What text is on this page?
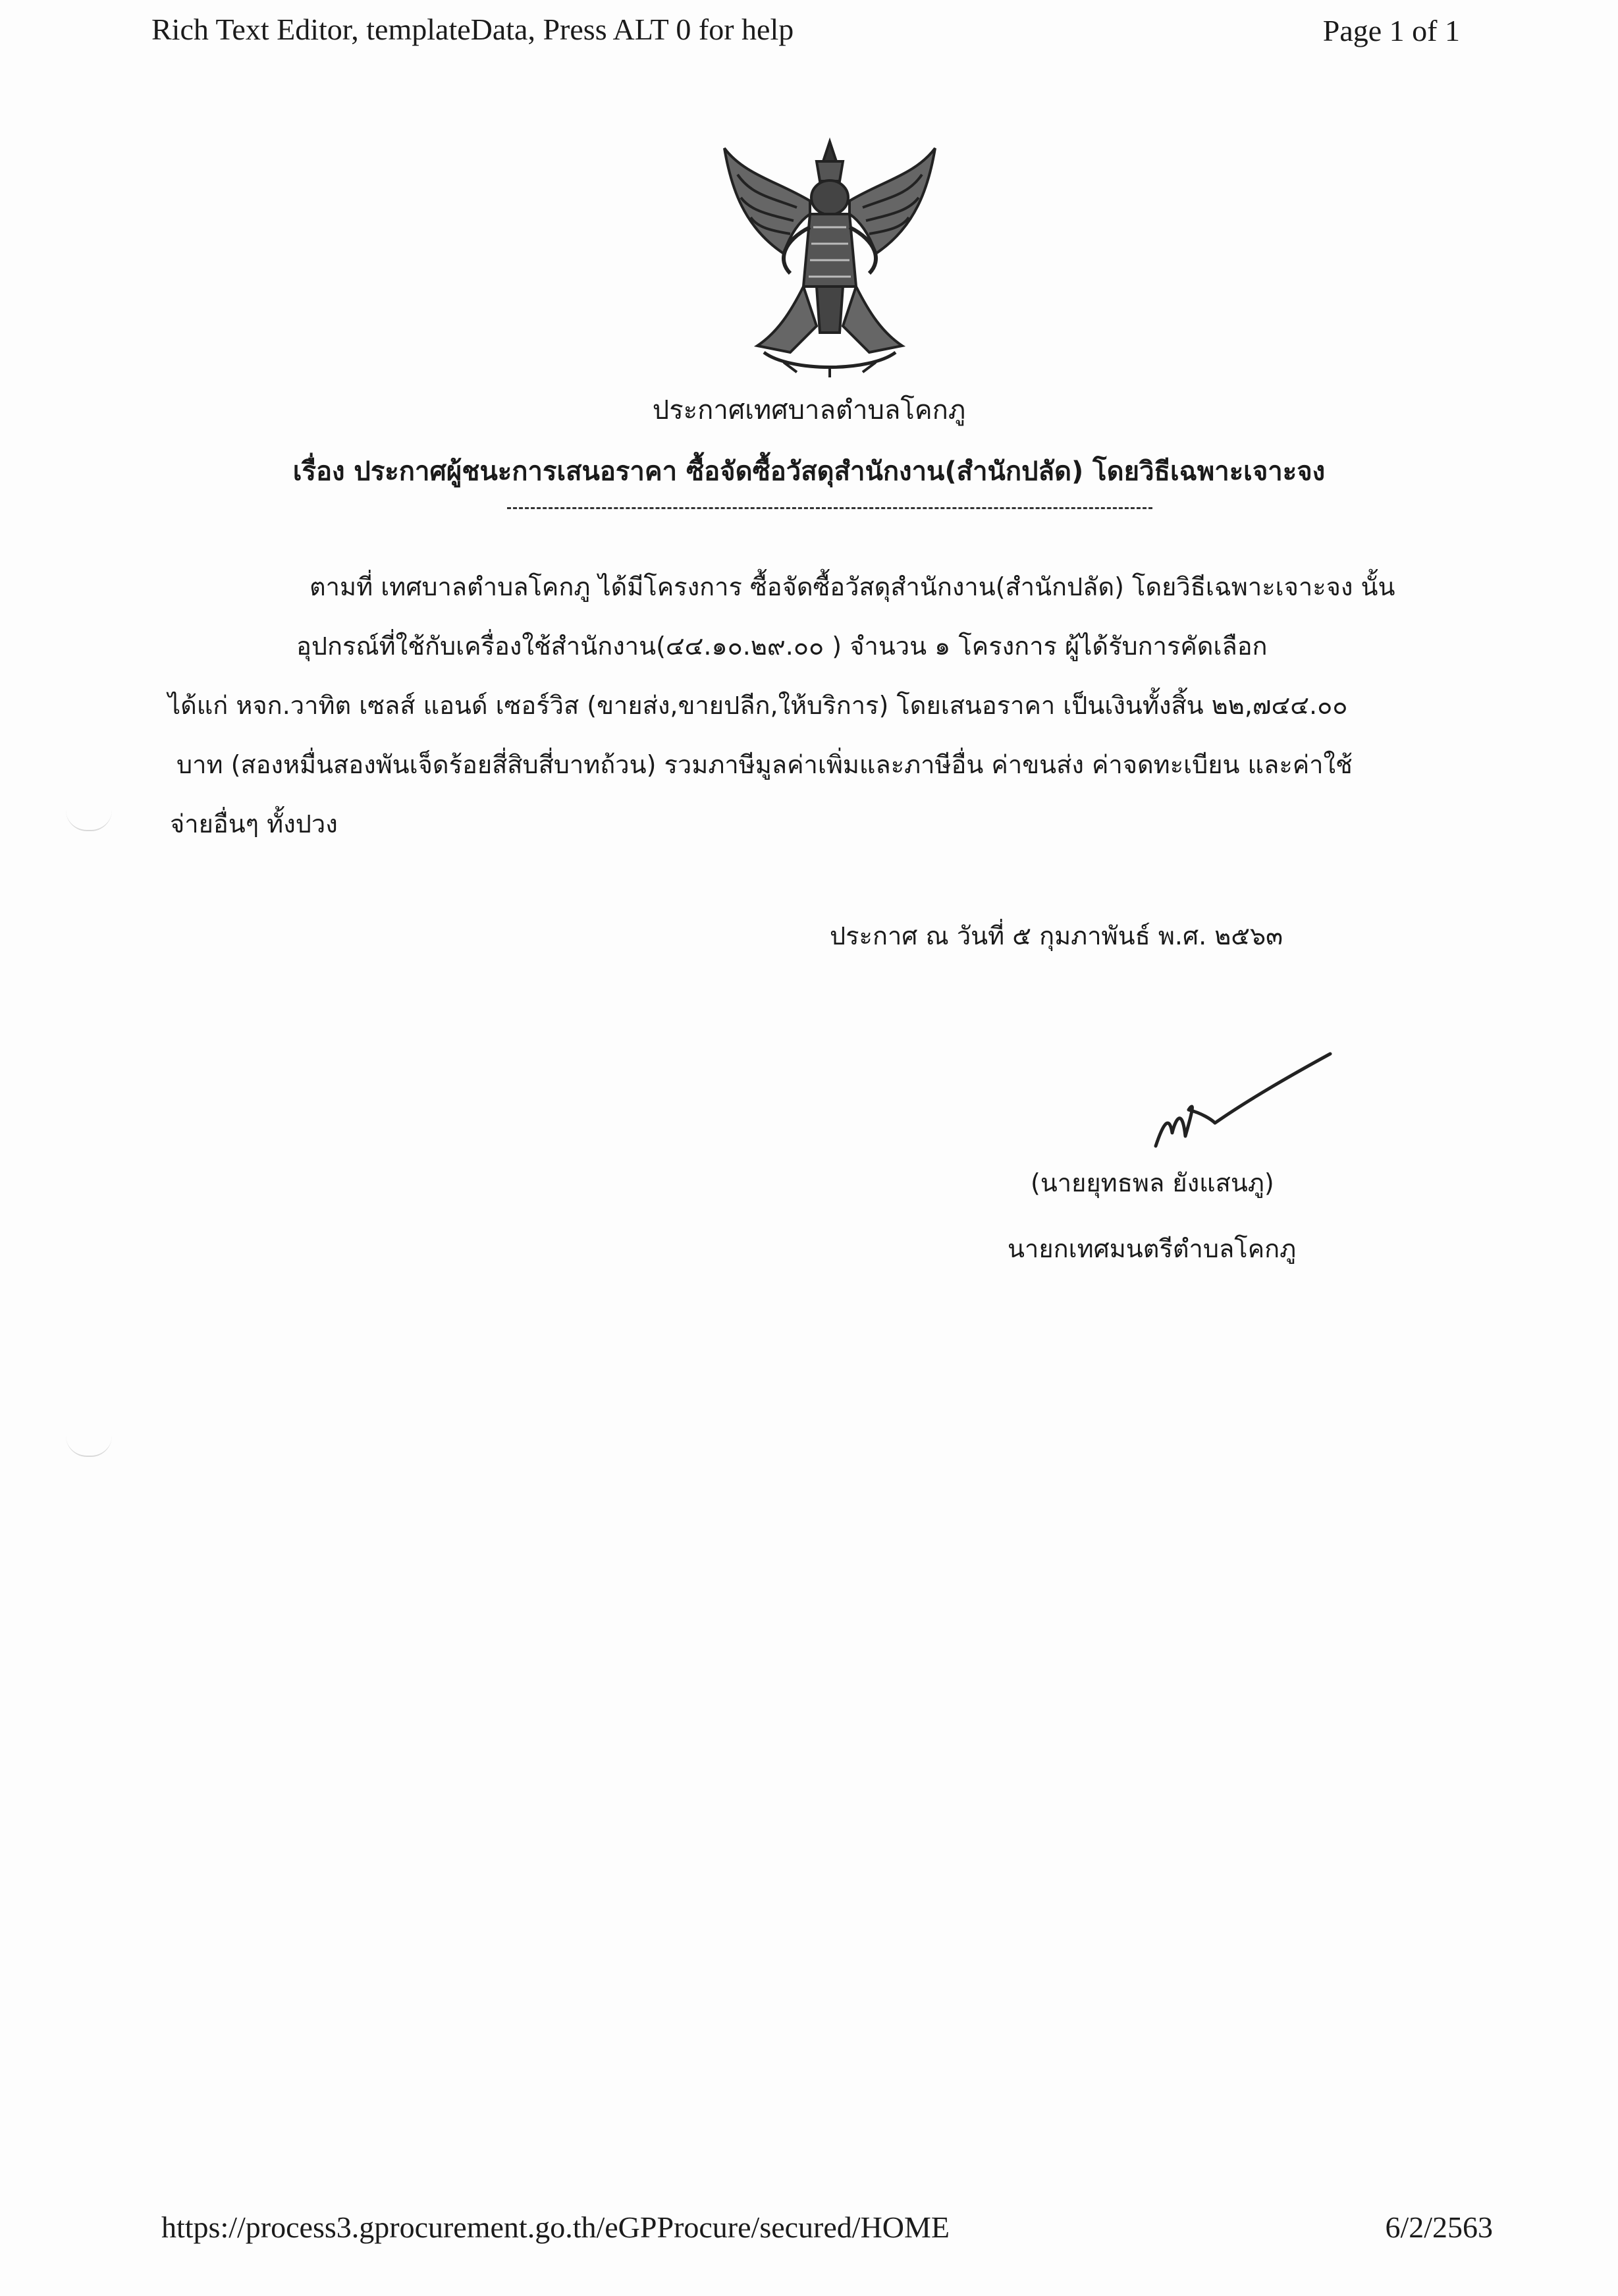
Rich Text Editor, templateData, Press ALT 0 for help	Page 1 of 1
ประกาศเทศบาลตำบลโคกภู
เรื่อง ประกาศผู้ชนะการเสนอราคา ซื้อจัดซื้อวัสดุสำนักงาน(สำนักปลัด) โดยวิธีเฉพาะเจาะจง
ตามที่ เทศบาลตำบลโคกภู ได้มีโครงการ ซื้อจัดซื้อวัสดุสำนักงาน(สำนักปลัด) โดยวิธีเฉพาะเจาะจง นั้น
อุปกรณ์ที่ใช้กับเครื่องใช้สำนักงาน(๔๔.๑๐.๒๙.๐๐ ) จำนวน ๑ โครงการ ผู้ได้รับการคัดเลือก
ได้แก่ หจก.วาทิต เซลส์ แอนด์ เซอร์วิส (ขายส่ง,ขายปลีก,ให้บริการ) โดยเสนอราคา เป็นเงินทั้งสิ้น ๒๒,๗๔๔.๐๐
บาท (สองหมื่นสองพันเจ็ดร้อยสี่สิบสี่บาทถ้วน) รวมภาษีมูลค่าเพิ่มและภาษีอื่น ค่าขนส่ง ค่าจดทะเบียน และค่าใช้
จ่ายอื่นๆ ทั้งปวง
ประกาศ ณ วันที่ ๕ กุมภาพันธ์ พ.ศ. ๒๕๖๓
(นายยุทธพล ยังแสนภู)
นายกเทศมนตรีตำบลโคกภู
https://process3.gprocurement.go.th/eGPProcure/secured/HOME	6/2/2563
